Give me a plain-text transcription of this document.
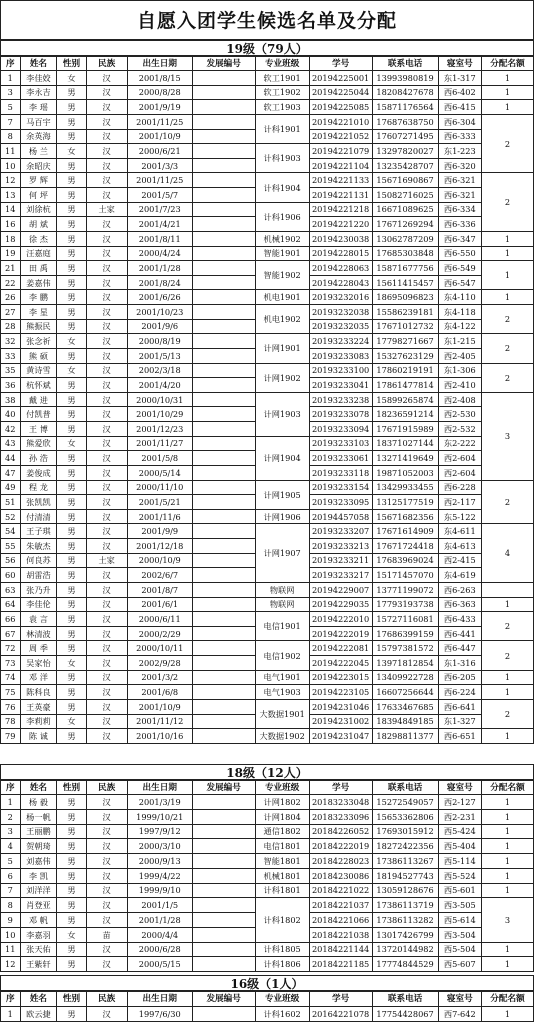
自愿入团学生候选名单及分配
19级（79人）
序	姓名	性别	民族	出生日期	发展编号	专业班级	学号	联系电话	寝室号	分配名额
1	李佳姣	女	汉	2001/8/15		软工1901	20194225001	13993980819	东1-317	1
3	李永吉	男	汉	2000/8/28		软工1902	20194225044	18208427678	西6-402	1
5	李 瑶	男	汉	2001/9/19		软工1903	20194225085	15871176564	西6-415	1
7	马百宇	男	汉	2001/11/25		计科1901	20194221010	17687638750	西6-304	2
8	余英海	男	汉	2001/10/9			20194221052	17607271495	西6-333	
11	杨 兰	女	汉	2000/6/21		计科1903	20194221079	13297820027	东1-223	
10	余昭庆	男	汉	2001/3/3			20194221104	13235428707	西6-320	
12	罗 辉	男	汉	2001/11/25		计科1904	20194221133	15671690867	西6-321	2
13	何 坪	男	汉	2001/5/7			20194221131	15082716025	西6-321	
14	刘徐杭	男	土家	2001/7/23		计科1906	20194221218	16671089625	西6-334	
16	胡 斌	男	汉	2001/4/21			20194221220	17671269294	西6-336	
18	徐 杰	男	汉	2001/8/11		机械1902	20194230038	13062787209	西6-347	1
19	汪嘉庭	男	汉	2000/4/24		智能1901	20194228015	17685303848	西6-550	1
21	田 禹	男	汉	2001/1/28		智能1902	20194228063	15871677756	西6-549	1
22	姜嘉伟	男	汉	2001/8/24			20194228043	15611415457	西6-547	
26	李 鹏	男	汉	2001/6/26		机电1901	20193232016	18695096823	东4-110	1
27	李 星	男	汉	2001/10/23		机电1902	20193232038	15586239181	东4-118	2
28	熊振民	男	汉	2001/9/6			20193232035	17671012732	东4-122	
32	张念祈	女	汉	2000/8/19		计网1901	20193233224	17798271667	东1-215	2
33	熊 硕	男	汉	2001/5/13			20193233083	15327623129	西2-405	
35	黄诗雪	女	汉	2002/3/18		计网1902	20193233100	17860219191	东1-306	2
36	杭怀斌	男	汉	2001/4/20			20193233041	17861477814	西2-410	
38	戴 进	男	汉	2000/10/31		计网1903	20193233238	15899265874	西2-408	3
40	付凯普	男	汉	2001/10/29			20193233078	18236591214	西2-530	
42	王 博	男	汉	2001/12/23			20193233094	17671915989	西2-532	
43	熊爱欣	女	汉	2001/11/27		计网1904	20193233103	18371027144	东2-222	
44	孙 浩	男	汉	2001/5/8			20193233061	13271419649	西2-604	
47	姜俊成	男	汉	2000/5/14			20193233118	19871052003	西2-604	
49	程 龙	男	汉	2000/11/10		计网1905	20193233154	13429933455	西6-228	2
51	张凯凯	男	汉	2001/5/21			20193233095	13125177519	西2-117	
52	付清清	男	汉	2001/11/6		计网1906	20194457058	15671682356	东5-122	
54	王子琪	男	汉	2001/9/9		计网1907	20193233207	17671614909	东4-611	4
55	朱敏杰	男	汉	2001/12/18			20193233213	17671724418	东4-613	
56	何良苏	男	土家	2000/10/9			20193233211	17683969024	西2-415	
60	胡雷浩	男	汉	2002/6/7			20193233217	15171457070	东4-619	
63	张乃升	男	汉	2001/8/7		物联网	20194229007	13771199072	西6-263	
64	李佳伦	男	汉	2001/6/1		物联网	20194229035	17793193738	西6-363	1
66	袁 言	男	汉	2000/6/11		电信1901	20194222010	15727116081	西6-433	2
67	林清波	男	汉	2000/2/29			20194222019	17686399159	西6-441	
72	周 季	男	汉	2000/10/11		电信1902	20194222081	15797381572	西6-447	2
73	吴家怡	女	汉	2002/9/28			20194222045	13971812854	东1-316	
74	邓 洋	男	汉	2001/3/2		电气1901	20194223015	13409922728	西6-205	1
75	陈科良	男	汉	2001/6/8		电气1903	20194223105	16607256644	西6-224	1
76	王英豪	男	汉	2001/10/9		大数据1901	20194231046	17633467685	西6-641	2
78	李莉莉	女	汉	2001/11/12			20194231002	18394849185	东1-327	
79	陈 诚	男	汉	2001/10/16		大数据1902	20194231047	18298811377	西6-651	1
18级（12人）
序	姓名	性别	民族	出生日期	发展编号	专业班级	学号	联系电话	寝室号	分配名额
1	杨 毅	男	汉	2001/3/19		计网1802	20183233048	15272549057	西2-127	1
2	杨一帆	男	汉	1999/10/21		计网1804	20183233096	15653362806	西2-231	1
3	王丽鹏	男	汉	1997/9/12		通信1802	20184226052	17693015912	西5-424	1
4	贺朝琦	男	汉	2000/3/10		电信1801	20184222019	18272422356	西5-404	1
5	刘嘉伟	男	汉	2000/9/13		智能1801	20184228023	17386113267	西5-114	1
6	李 凯	男	汉	1999/4/22		机械1801	20184230086	18194527743	西5-524	1
7	刘洋洋	男	汉	1999/9/10		计科1801	20184221022	13059128676	西5-601	1
8	肖登亚	男	汉	2001/1/5		计科1802	20184221037	17386113719	西3-505	3
9	邓 帆	男	汉	2001/1/28			20184221066	17386113282	西5-614	
10	李嘉羽	女	苗	2000/4/4			20184221038	13017426799	西3-504	
11	张天佑	男	汉	2000/6/28		计科1805	20184221144	13720144982	西5-504	1
12	王紫轩	男	汉	2000/5/15		计科1806	20184221185	17774844529	西5-607	1
16级（1人）
序	姓名	性别	民族	出生日期	发展编号	专业班级	学号	联系电话	寝室号	分配名额
1	欧云捷	男	汉	1997/6/30		计科1602	20164221078	17754428067	西7-642	1
